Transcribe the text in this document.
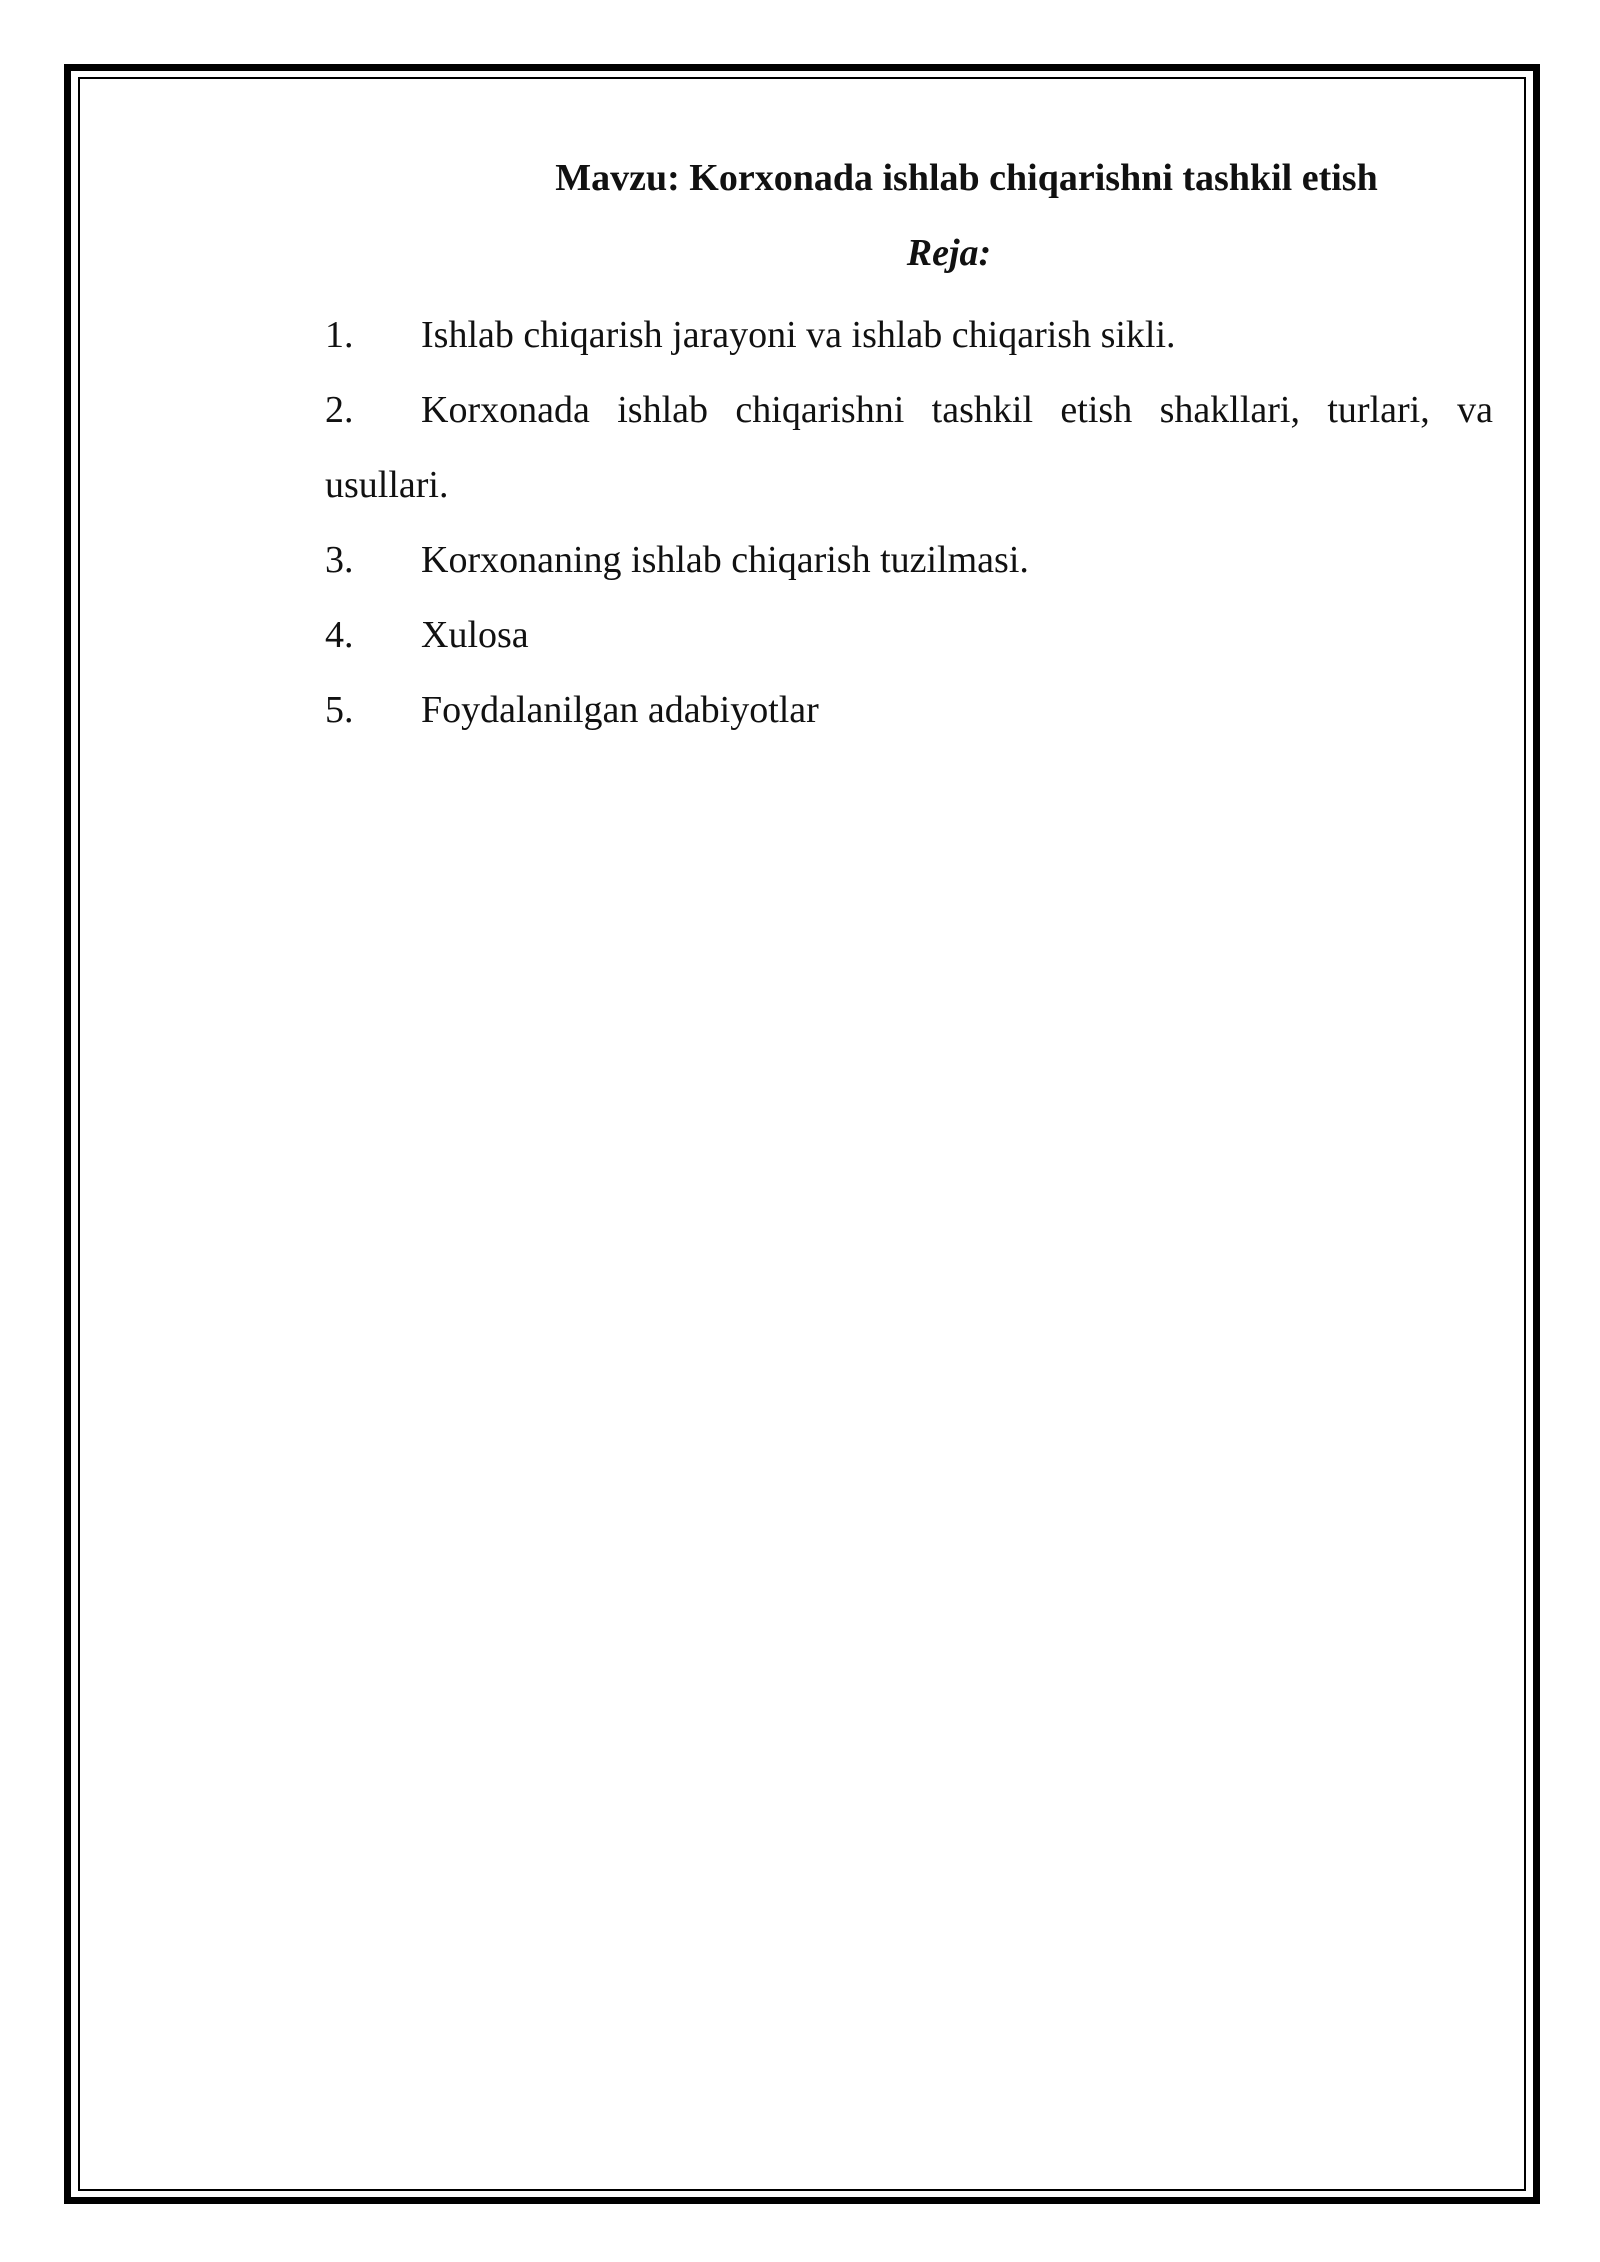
Mavzu: Korxonada ishlab chiqarishni tashkil etish
Reja:
1. Ishlab chiqarish jarayoni va ishlab chiqarish sikli.
2. Korxonada ishlab chiqarishni tashkil etish shakllari, turlari, va usullari.
3. Korxonaning ishlab chiqarish tuzilmasi.
4. Xulosa
5. Foydalanilgan adabiyotlar
